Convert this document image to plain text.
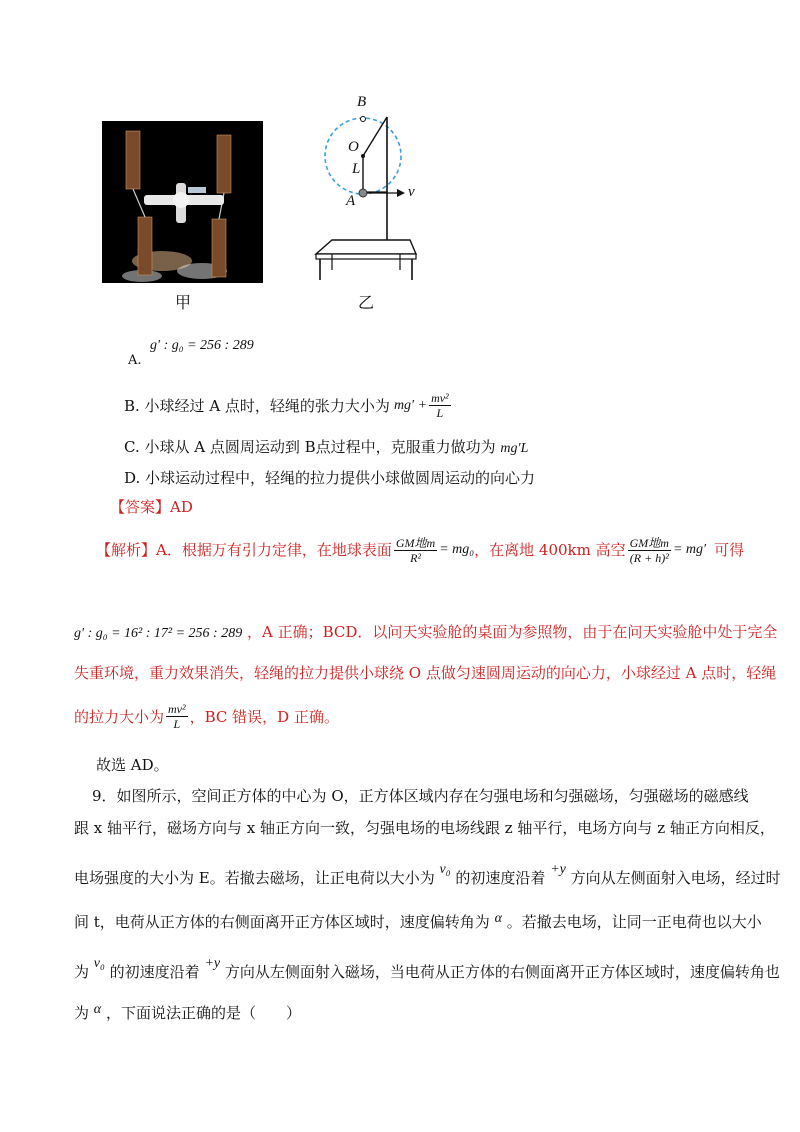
甲
B
O
L
A
v
乙
A.
g′ : g₀ = 256 : 289
B. 小球经过 A 点时，轻绳的张力大小为 $mg' + \frac{\text{mv²}}{L}$
C. 小球从 A 点圆周运动到 B点过程中，克服重力做功为 mg′L
D. 小球运动过程中，轻绳的拉力提供小球做圆周运动的向心力
【答案】AD
【解析】 A．根据万有引力定律，在地球表面 $\frac{\text{GM地m}}{\text{R²}} = mg_0$ ，在离地 400km 高空 $\frac{\text{GM地m}}{\text{(R + h)²}} = mg'$ 可得
g′ : g₀ = 16² : 17² = 256 : 289 ，A 正确；BCD．以问天实验舱的桌面为参照物，由于在问天实验舱中处于完全
失重环境，重力效果消失，轻绳的拉力提供小球绕 O 点做匀速圆周运动的向心力，小球经过 A 点时，轻绳
的拉力大小为 $\frac{\text{mv²}}{L}$ ，BC 错误，D 正确。
故选 AD。
9．如图所示，空间正方体的中心为 O，正方体区域内存在匀强电场和匀强磁场，匀强磁场的磁感线
跟 x 轴平行，磁场方向与 x 轴正方向一致，匀强电场的电场线跟 z 轴平行，电场方向与 z 轴正方向相反，
电场强度的大小为 E。若撤去磁场，让正电荷以大小为 v₀ 的初速度沿着 +y 方向从左侧面射入电场，经过时
间 t，电荷从正方体的右侧面离开正方体区域时，速度偏转角为 α 。若撤去电场，让同一正电荷也以大小
为 v₀ 的初速度沿着 +y 方向从左侧面射入磁场，当电荷从正方体的右侧面离开正方体区域时，速度偏转角也
为 α ，下面说法正确的是（　　）
